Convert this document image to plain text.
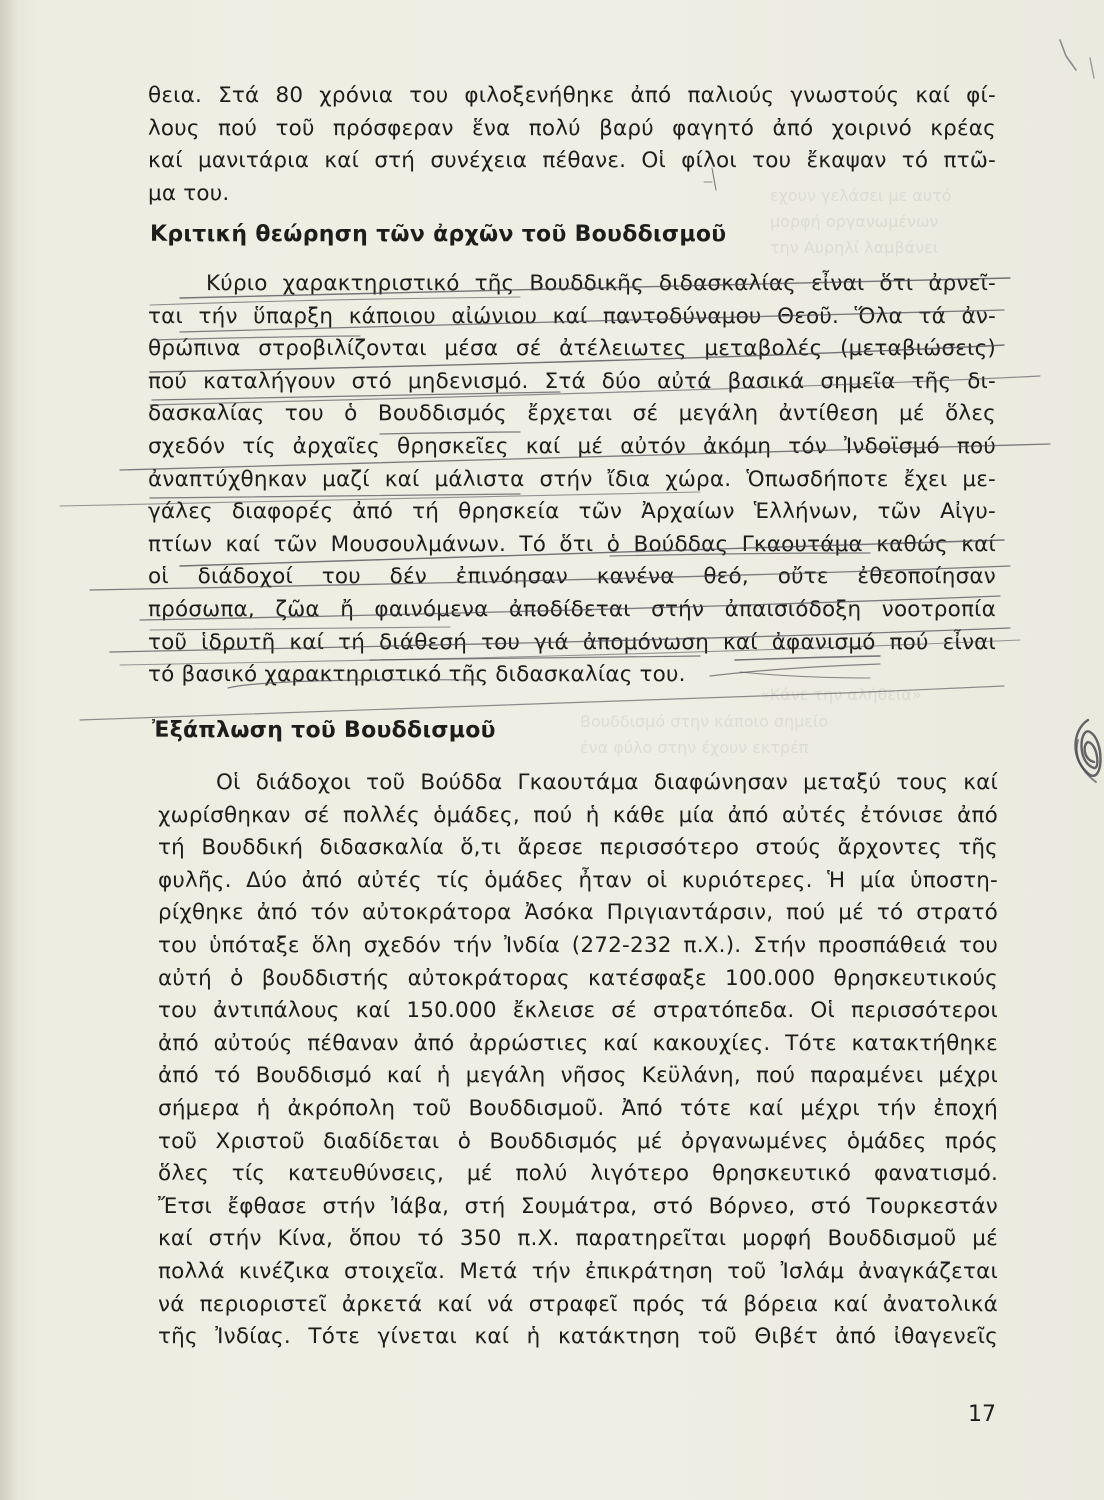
εχουν γελάσει με αυτό
μορφή οργανωμένων
την Αυρηλί λαμβάνει
«Κάνε την αλήθεια»
Βουδδισμό στην κάποιο σημείο
ένα φύλο στην έχουν εκτρέπ
θεια. Στά 80 χρόνια του φιλοξενήθηκε ἀπό παλιούς γνωστούς καί φί-
λους πού τοῦ πρόσφεραν ἕνα πολύ βαρύ φαγητό ἀπό χοιρινό κρέας
καί μανιτάρια καί στή συνέχεια πέθανε. Οἱ φίλοι του ἔκαψαν τό πτῶ-
μα του.
Κριτική θεώρηση τῶν ἀρχῶν τοῦ Βουδδισμοῦ
Κύριο χαρακτηριστικό τῆς Βουδδικῆς διδασκαλίας εἶναι ὅτι ἀρνεῖ-
ται τήν ὕπαρξη κάποιου αἰώνιου καί παντοδύναμου Θεοῦ. Ὅλα τά ἀν-
θρώπινα στροβιλίζονται μέσα σέ ἀτέλειωτες μεταβολές (μεταβιώσεις)
πού καταλήγουν στό μηδενισμό. Στά δύο αὐτά βασικά σημεῖα τῆς δι-
δασκαλίας του ὁ Βουδδισμός ἔρχεται σέ μεγάλη ἀντίθεση μέ ὅλες
σχεδόν τίς ἀρχαῖες θρησκεῖες καί μέ αὐτόν ἀκόμη τόν Ἰνδοϊσμό πού
ἀναπτύχθηκαν μαζί καί μάλιστα στήν ἴδια χώρα. Ὁπωσδήποτε ἔχει με-
γάλες διαφορές ἀπό τή θρησκεία τῶν Ἀρχαίων Ἑλλήνων, τῶν Αἰγυ-
πτίων καί τῶν Μουσουλμάνων. Τό ὅτι ὁ Βούδδας Γκαουτάμα καθώς καί
οἱ διάδοχοί του δέν ἐπινόησαν κανένα θεό, οὔτε ἐθεοποίησαν
πρόσωπα, ζῶα ἤ φαινόμενα ἀποδίδεται στήν ἀπαισιόδοξη νοοτροπία
τοῦ ἱδρυτῆ καί τή διάθεσή του γιά ἀπομόνωση καί ἀφανισμό πού εἶναι
τό βασικό χαρακτηριστικό τῆς διδασκαλίας του.
Ἐξάπλωση τοῦ Βουδδισμοῦ
Οἱ διάδοχοι τοῦ Βούδδα Γκαουτάμα διαφώνησαν μεταξύ τους καί
χωρίσθηκαν σέ πολλές ὁμάδες, πού ἡ κάθε μία ἀπό αὐτές ἐτόνισε ἀπό
τή Βουδδική διδασκαλία ὅ,τι ἄρεσε περισσότερο στούς ἄρχοντες τῆς
φυλῆς. Δύο ἀπό αὐτές τίς ὁμάδες ἦταν οἱ κυριότερες. Ἡ μία ὑποστη-
ρίχθηκε ἀπό τόν αὐτοκράτορα Ἀσόκα Πριγιαντάρσιν, πού μέ τό στρατό
του ὑπόταξε ὅλη σχεδόν τήν Ἰνδία (272-232 π.Χ.). Στήν προσπάθειά του
αὐτή ὁ βουδδιστής αὐτοκράτορας κατέσφαξε 100.000 θρησκευτικούς
του ἀντιπάλους καί 150.000 ἔκλεισε σέ στρατόπεδα. Οἱ περισσότεροι
ἀπό αὐτούς πέθαναν ἀπό ἀρρώστιες καί κακουχίες. Τότε κατακτήθηκε
ἀπό τό Βουδδισμό καί ἡ μεγάλη νῆσος Κεϋλάνη, πού παραμένει μέχρι
σήμερα ἡ ἀκρόπολη τοῦ Βουδδισμοῦ. Ἀπό τότε καί μέχρι τήν ἐποχή
τοῦ Χριστοῦ διαδίδεται ὁ Βουδδισμός μέ ὀργανωμένες ὁμάδες πρός
ὅλες τίς κατευθύνσεις, μέ πολύ λιγότερο θρησκευτικό φανατισμό.
Ἔτσι ἔφθασε στήν Ἰάβα, στή Σουμάτρα, στό Βόρνεο, στό Τουρκεστάν
καί στήν Κίνα, ὅπου τό 350 π.Χ. παρατηρεῖται μορφή Βουδδισμοῦ μέ
πολλά κινέζικα στοιχεῖα. Μετά τήν ἐπικράτηση τοῦ Ἰσλάμ ἀναγκάζεται
νά περιοριστεῖ ἀρκετά καί νά στραφεῖ πρός τά βόρεια καί ἀνατολικά
τῆς Ἰνδίας. Τότε γίνεται καί ἡ κατάκτηση τοῦ Θιβέτ ἀπό ἰθαγενεῖς
17
